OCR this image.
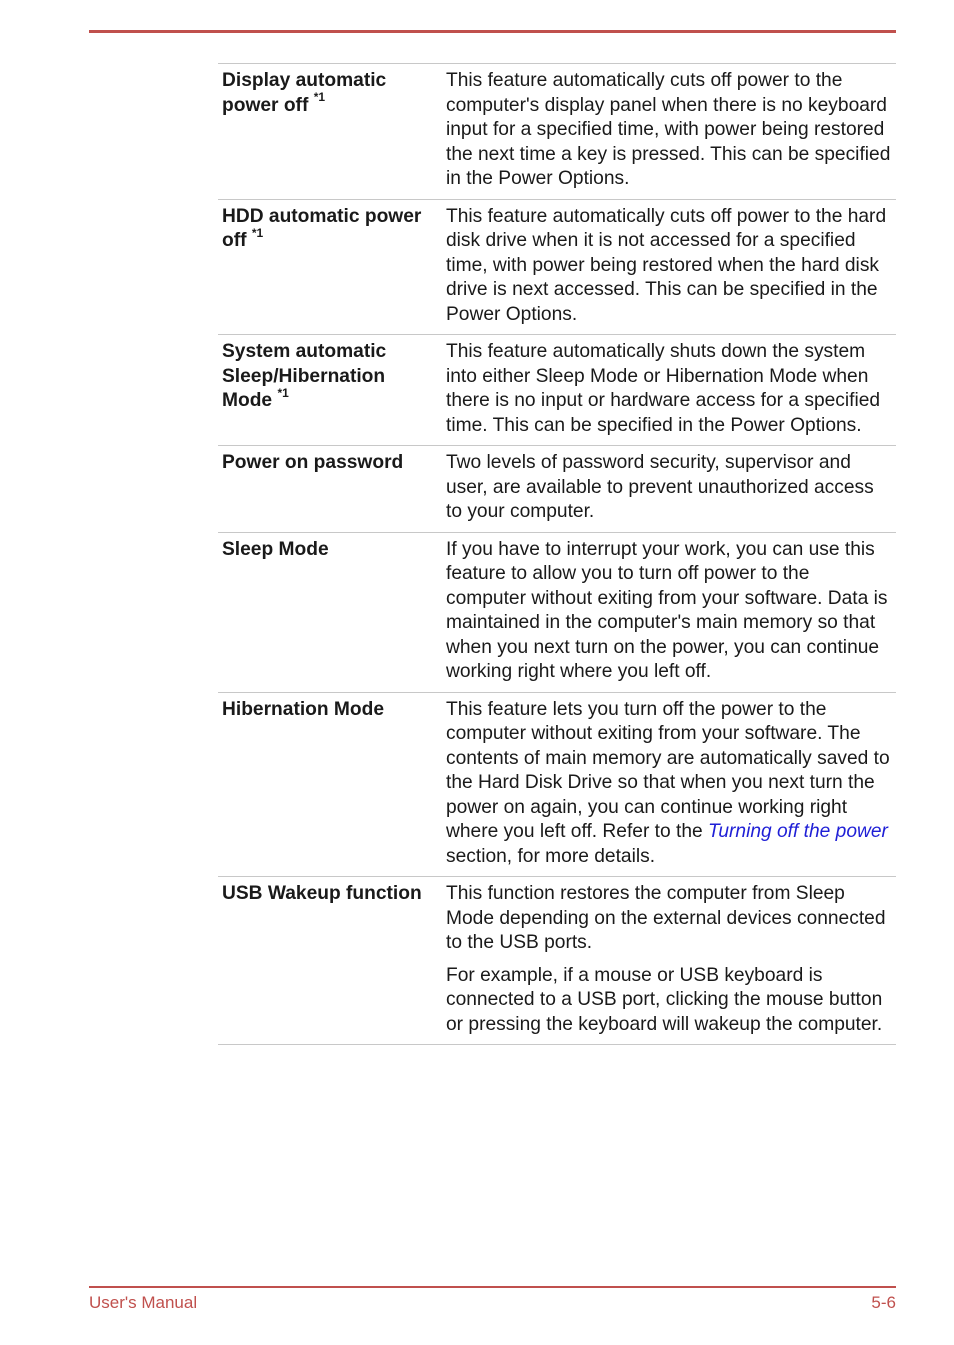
Display automatic power off $^{*1}$	This feature automatically cuts off power to the computer's display panel when there is no keyboard input for a specified time, with power being restored the next time a key is pressed. This can be specified in the Power Options.

HDD automatic power off $^{*1}$	This feature automatically cuts off power to the hard disk drive when it is not accessed for a specified time, with power being restored when the hard disk drive is next accessed. This can be specified in the Power Options.

System automatic Sleep/Hibernation Mode $^{*1}$	This feature automatically shuts down the system into either Sleep Mode or Hibernation Mode when there is no input or hardware access for a specified time. This can be specified in the Power Options.

Power on password	Two levels of password security, supervisor and user, are available to prevent unauthorized access to your computer.

Sleep Mode	If you have to interrupt your work, you can use this feature to allow you to turn off power to the computer without exiting from your software. Data is maintained in the computer's main memory so that when you next turn on the power, you can continue working right where you left off.

Hibernation Mode	This feature lets you turn off the power to the computer without exiting from your software. The contents of main memory are automatically saved to the Hard Disk Drive so that when you next turn the power on again, you can continue working right where you left off. Refer to the Turning off the power section, for more details.

USB Wakeup function	This function restores the computer from Sleep Mode depending on the external devices connected to the USB ports.

For example, if a mouse or USB keyboard is connected to a USB port, clicking the mouse button or pressing the keyboard will wakeup the computer.

User's Manual	5-6
